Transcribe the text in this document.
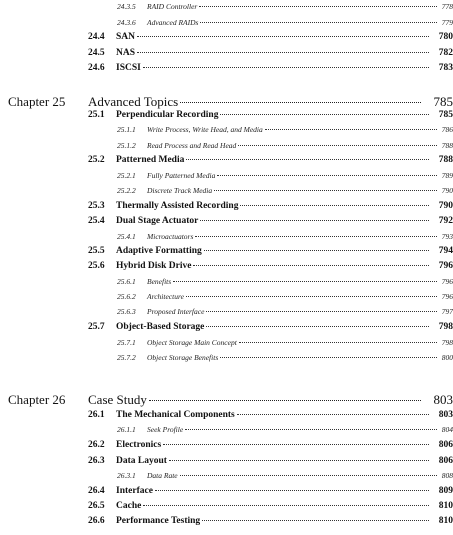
24.3.5	RAID Controller	778
24.3.6	Advanced RAIDs	779
24.4	SAN	780
24.5	NAS	782
24.6	ISCSI	783
Chapter 25	Advanced Topics	785
25.1	Perpendicular Recording	785
25.1.1	Write Process, Write Head, and Media	786
25.1.2	Read Process and Read Head	788
25.2	Patterned Media	788
25.2.1	Fully Patterned Media	789
25.2.2	Discrete Track Media	790
25.3	Thermally Assisted Recording	790
25.4	Dual Stage Actuator	792
25.4.1	Microactuators	793
25.5	Adaptive Formatting	794
25.6	Hybrid Disk Drive	796
25.6.1	Benefits	796
25.6.2	Architecture	796
25.6.3	Proposed Interface	797
25.7	Object-Based Storage	798
25.7.1	Object Storage Main Concept	798
25.7.2	Object Storage Benefits	800
Chapter 26	Case Study	803
26.1	The Mechanical Components	803
26.1.1	Seek Profile	804
26.2	Electronics	806
26.3	Data Layout	806
26.3.1	Data Rate	808
26.4	Interface	809
26.5	Cache	810
26.6	Performance Testing	810
